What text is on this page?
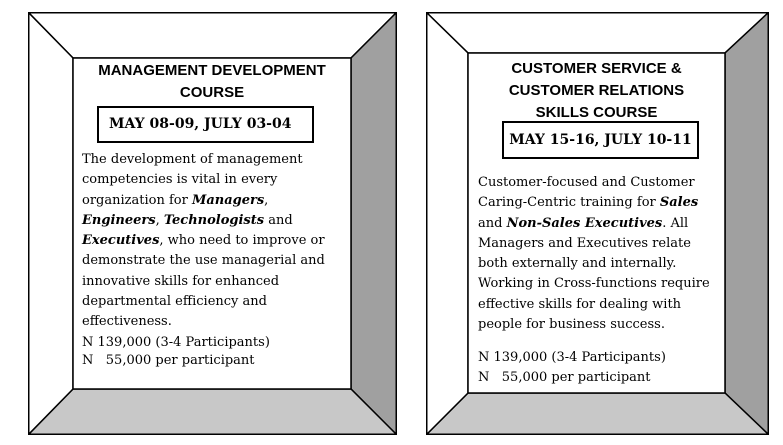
MANAGEMENT DEVELOPMENT

COURSE

MAY 08-09, JULY 03-04
The development of management
competencies is vital in every
organization for Managers,
Engineers, Technologists and
Executives, who need to improve or
demonstrate the use managerial and
innovative skills for enhanced
departmental efficiency and
effectiveness.
N 139,000 (3-4 Participants)
N   55,000 per participant

CUSTOMER SERVICE &

CUSTOMER RELATIONS

SKILLS COURSE

MAY 15-16, JULY 10-11
Customer-focused and Customer
Caring-Centric training for Sales
and Non-Sales Executives. All
Managers and Executives relate
both externally and internally.
Working in Cross-functions require
effective skills for dealing with
people for business success.
N 139,000 (3-4 Participants)
N   55,000 per participant
